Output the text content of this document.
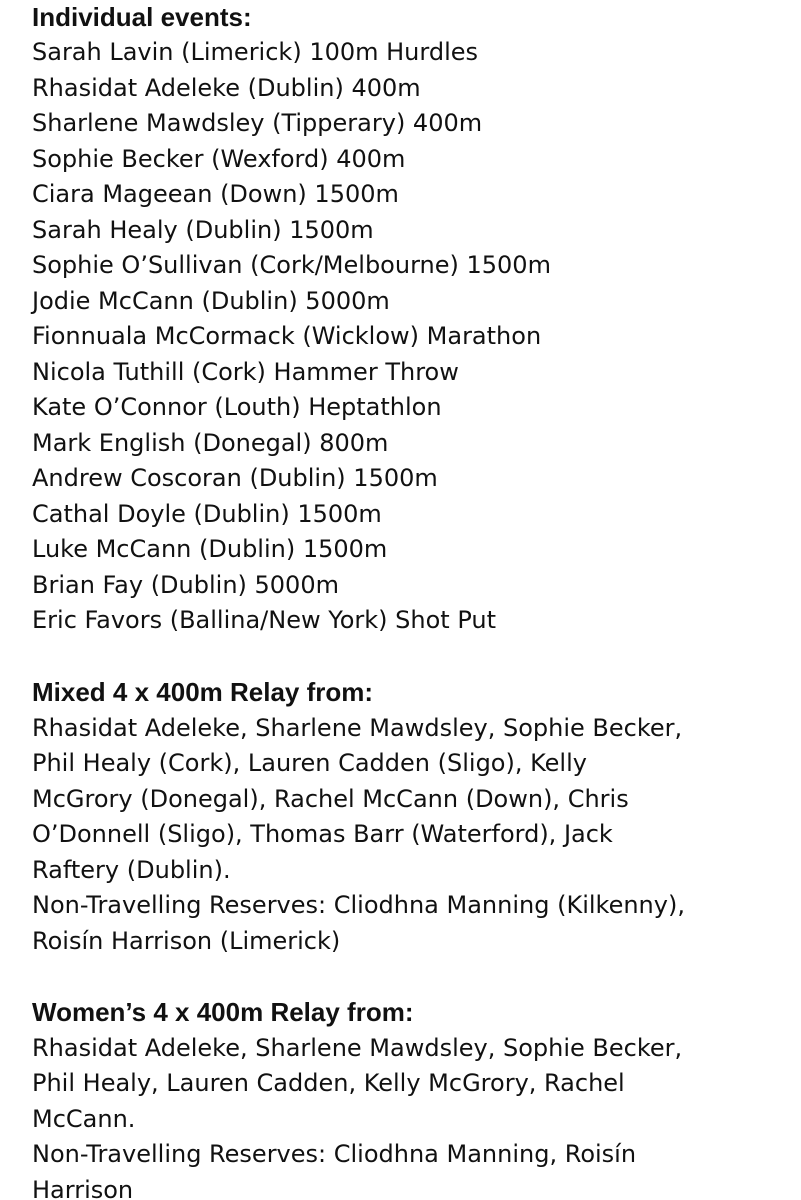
Individual events:
Sarah Lavin (Limerick) 100m Hurdles
Rhasidat Adeleke (Dublin) 400m
Sharlene Mawdsley (Tipperary) 400m
Sophie Becker (Wexford) 400m
Ciara Mageean (Down) 1500m
Sarah Healy (Dublin) 1500m
Sophie O’Sullivan (Cork/Melbourne) 1500m
Jodie McCann (Dublin) 5000m
Fionnuala McCormack (Wicklow) Marathon
Nicola Tuthill (Cork) Hammer Throw
Kate O’Connor (Louth) Heptathlon
Mark English (Donegal) 800m
Andrew Coscoran (Dublin) 1500m
Cathal Doyle (Dublin) 1500m
Luke McCann (Dublin) 1500m
Brian Fay (Dublin) 5000m
Eric Favors (Ballina/New York) Shot Put
Mixed 4 x 400m Relay from:
Rhasidat Adeleke, Sharlene Mawdsley, Sophie Becker,
Phil Healy (Cork), Lauren Cadden (Sligo), Kelly
McGrory (Donegal), Rachel McCann (Down), Chris
O’Donnell (Sligo), Thomas Barr (Waterford), Jack
Raftery (Dublin).
Non-Travelling Reserves: Cliodhna Manning (Kilkenny),
Roisín Harrison (Limerick)
Women’s 4 x 400m Relay from:
Rhasidat Adeleke, Sharlene Mawdsley, Sophie Becker,
Phil Healy, Lauren Cadden, Kelly McGrory, Rachel
McCann.
Non-Travelling Reserves: Cliodhna Manning, Roisín
Harrison
